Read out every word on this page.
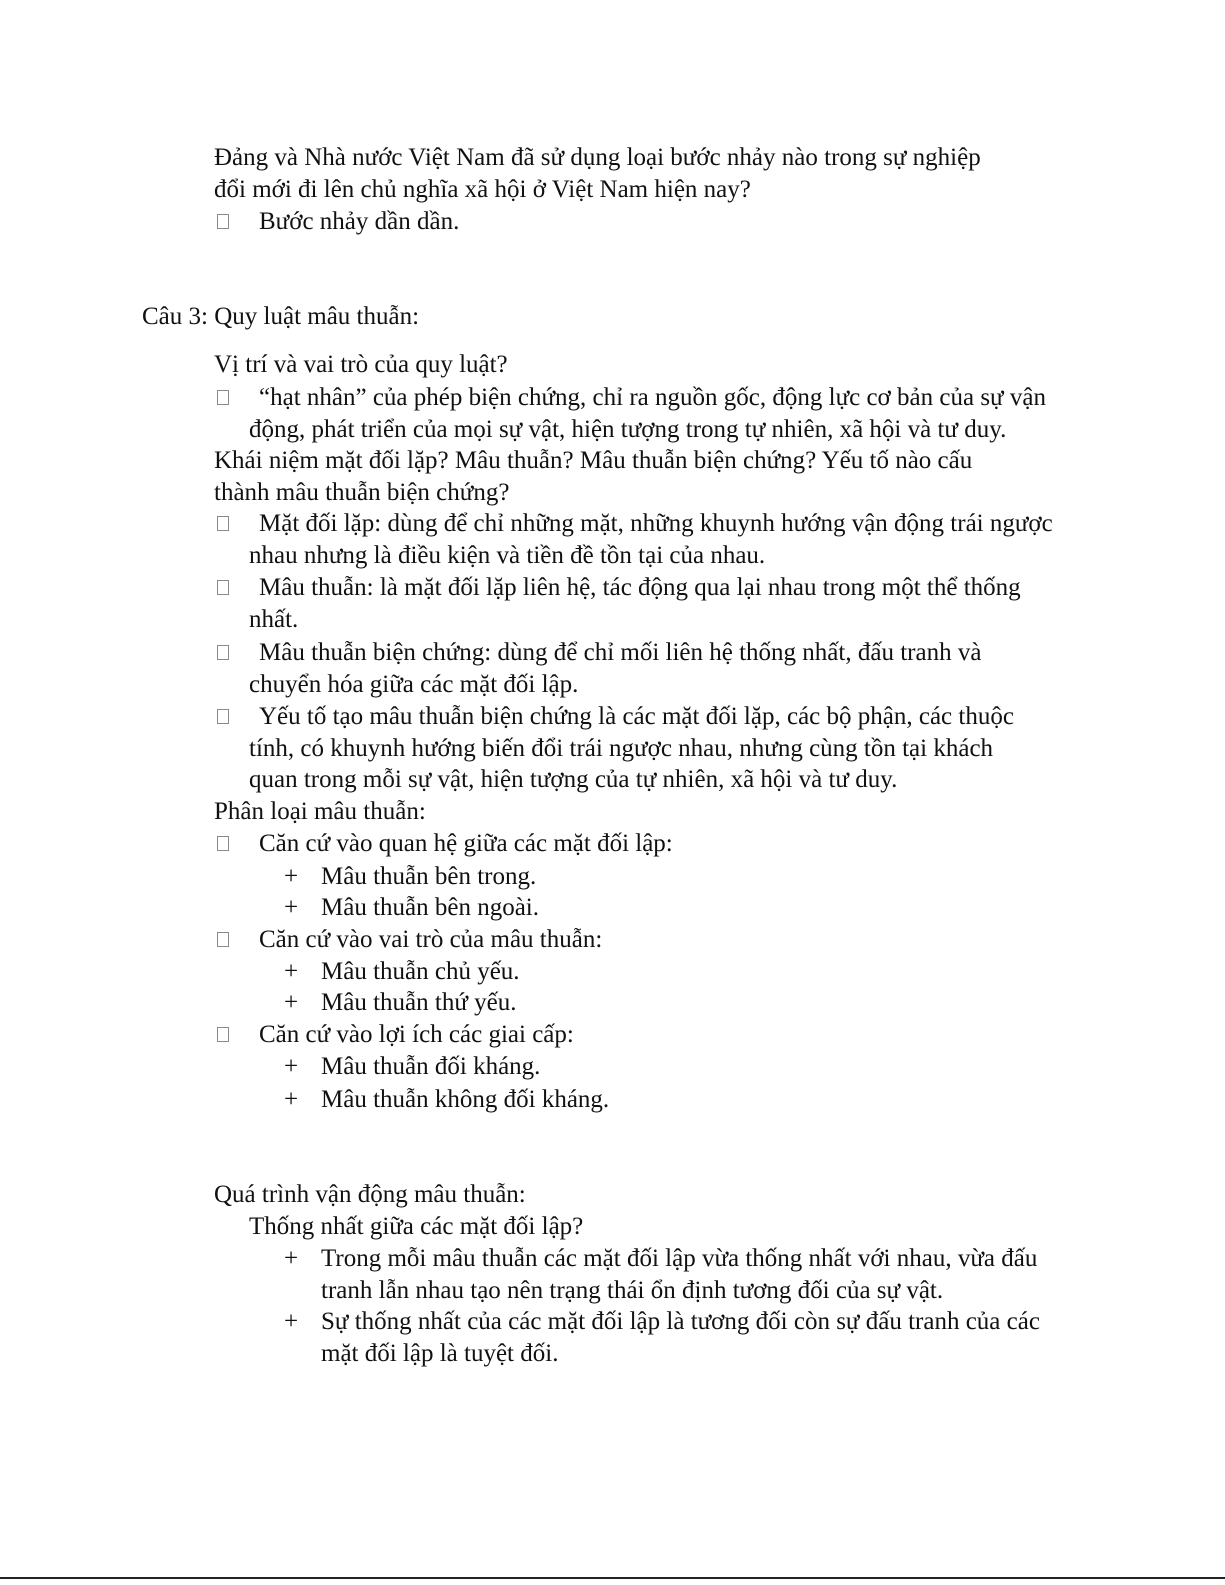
Đảng và Nhà nước Việt Nam đã sử dụng loại bước nhảy nào trong sự nghiệp
đổi mới đi lên chủ nghĩa xã hội ở Việt Nam hiện nay?
Bước nhảy dần dần.
Câu 3: Quy luật mâu thuẫn:
Vị trí và vai trò của quy luật?
“hạt nhân” của phép biện chứng, chỉ ra nguồn gốc, động lực cơ bản của sự vận
động, phát triển của mọi sự vật, hiện tượng trong tự nhiên, xã hội và tư duy.
Khái niệm mặt đối lặp? Mâu thuẫn? Mâu thuẫn biện chứng? Yếu tố nào cấu
thành mâu thuẫn biện chứng?
Mặt đối lặp: dùng để chỉ những mặt, những khuynh hướng vận động trái ngược
nhau nhưng là điều kiện và tiền đề tồn tại của nhau.
Mâu thuẫn: là mặt đối lặp liên hệ, tác động qua lại nhau trong một thể thống
nhất.
Mâu thuẫn biện chứng: dùng để chỉ mối liên hệ thống nhất, đấu tranh và
chuyển hóa giữa các mặt đối lập.
Yếu tố tạo mâu thuẫn biện chứng là các mặt đối lặp, các bộ phận, các thuộc
tính, có khuynh hướng biến đổi trái ngược nhau, nhưng cùng tồn tại khách
quan trong mỗi sự vật, hiện tượng của tự nhiên, xã hội và tư duy.
Phân loại mâu thuẫn:
Căn cứ vào quan hệ giữa các mặt đối lập:
+ Mâu thuẫn bên trong.
+ Mâu thuẫn bên ngoài.
Căn cứ vào vai trò của mâu thuẫn:
+ Mâu thuẫn chủ yếu.
+ Mâu thuẫn thứ yếu.
Căn cứ vào lợi ích các giai cấp:
+ Mâu thuẫn đối kháng.
+ Mâu thuẫn không đối kháng.
Quá trình vận động mâu thuẫn:
Thống nhất giữa các mặt đối lập?
+ Trong mỗi mâu thuẫn các mặt đối lập vừa thống nhất với nhau, vừa đấu
tranh lẫn nhau tạo nên trạng thái ổn định tương đối của sự vật.
+ Sự thống nhất của các mặt đối lập là tương đối còn sự đấu tranh của các
mặt đối lập là tuyệt đối.
